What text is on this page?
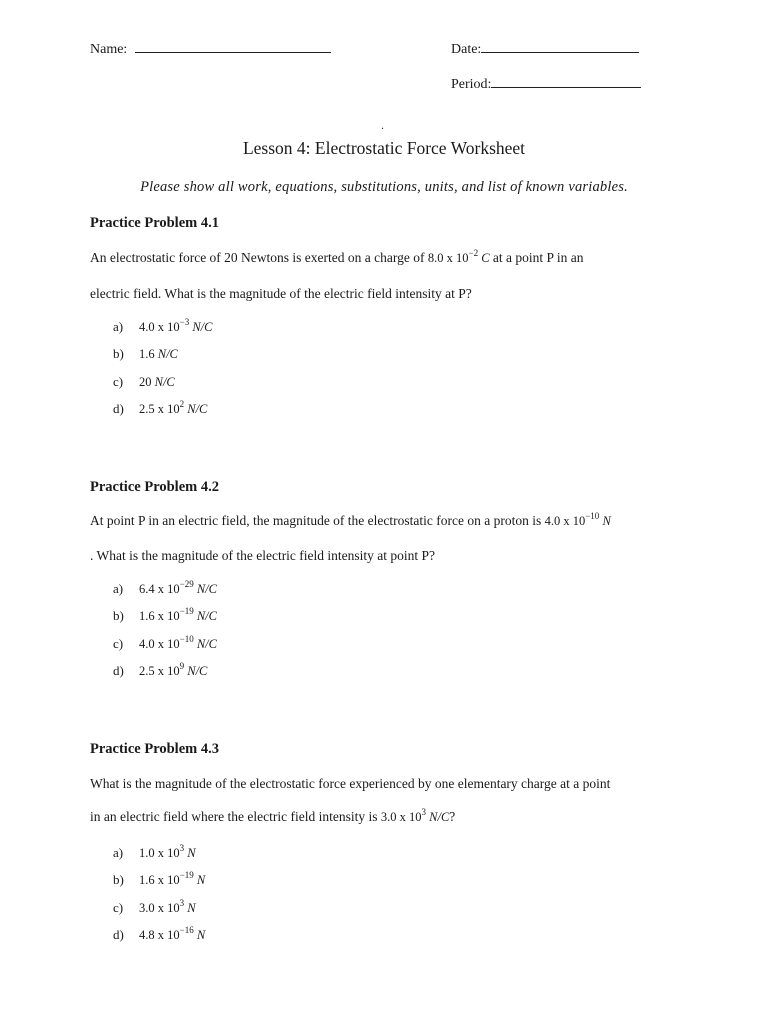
Name:	Date:
Period:
.
Lesson 4: Electrostatic Force Worksheet
Please show all work, equations, substitutions, units, and list of known variables.
Practice Problem 4.1
An electrostatic force of 20 Newtons is exerted on a charge of 8.0 x $10^{-2}$ C at a point P in an
electric field. What is the magnitude of the electric field intensity at P?
a) 4.0 x $10^{-3}$ N/C
b) 1.6 N/C
c) 20 N/C
d) 2.5 x $10^2$ N/C
Practice Problem 4.2
At point P in an electric field, the magnitude of the electrostatic force on a proton is 4.0 x $10^{-10}$ N
. What is the magnitude of the electric field intensity at point P?
a) 6.4 x $10^{-29}$ N/C
b) 1.6 x $10^{-19}$ N/C
c) 4.0 x $10^{-10}$ N/C
d) 2.5 x $10^9$ N/C
Practice Problem 4.3
What is the magnitude of the electrostatic force experienced by one elementary charge at a point
in an electric field where the electric field intensity is 3.0 x $10^3$ N/C?
a) 1.0 x $10^3$ N
b) 1.6 x $10^{-19}$ N
c) 3.0 x $10^3$ N
d) 4.8 x $10^{-16}$ N
